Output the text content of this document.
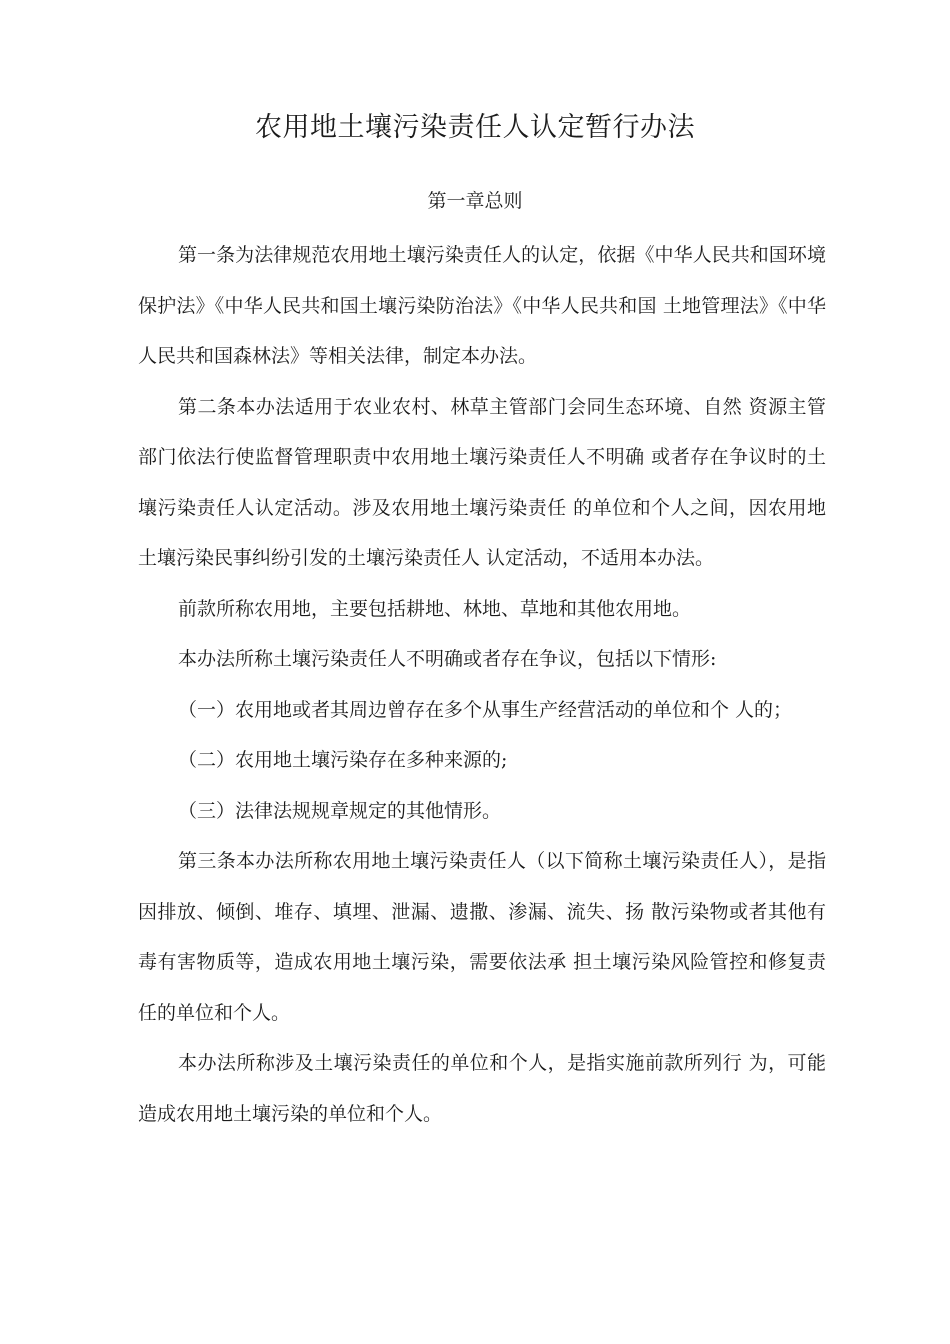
农用地土壤污染责任人认定暂行办法
第一章总则

第一条为法律规范农用地土壤污染责任人的认定，依据《中华人民共和国环境保护法》《中华人民共和国土壤污染防治法》《中华人民共和国 土地管理法》《中华人民共和国森林法》等相关法律，制定本办法。

第二条本办法适用于农业农村、林草主管部门会同生态环境、自然 资源主管部门依法行使监督管理职责中农用地土壤污染责任人不明确 或者存在争议时的土壤污染责任人认定活动。涉及农用地土壤污染责任 的单位和个人之间，因农用地土壤污染民事纠纷引发的土壤污染责任人 认定活动，不适用本办法。

前款所称农用地，主要包括耕地、林地、草地和其他农用地。

本办法所称土壤污染责任人不明确或者存在争议，包括以下情形:

（一）农用地或者其周边曾存在多个从事生产经营活动的单位和个 人的；

（二）农用地土壤污染存在多种来源的;

（三）法律法规规章规定的其他情形。

第三条本办法所称农用地土壤污染责任人（以下简称土壤污染责任人），是指因排放、倾倒、堆存、填埋、泄漏、遗撒、渗漏、流失、扬 散污染物或者其他有毒有害物质等，造成农用地土壤污染，需要依法承 担土壤污染风险管控和修复责任的单位和个人。

本办法所称涉及土壤污染责任的单位和个人，是指实施前款所列行 为，可能造成农用地土壤污染的单位和个人。
